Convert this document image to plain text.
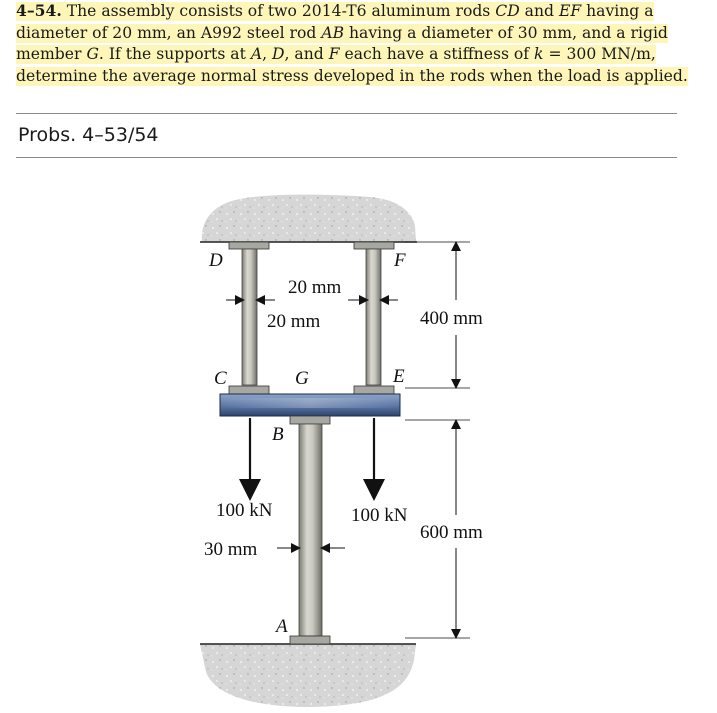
4–54. The assembly consists of two 2014-T6 aluminum rods CD and EF having a diameter of 20 mm, an A992 steel rod AB having a diameter of 30 mm, and a rigid member G. If the supports at A, D, and F each have a stiffness of k = 300 MN/m, determine the average normal stress developed in the rods when the load is applied.
Probs. 4–53/54
D	F
C	G	E
B
A
20 mm
20 mm	400 mm
600 mm
30 mm
100 kN	100 kN
